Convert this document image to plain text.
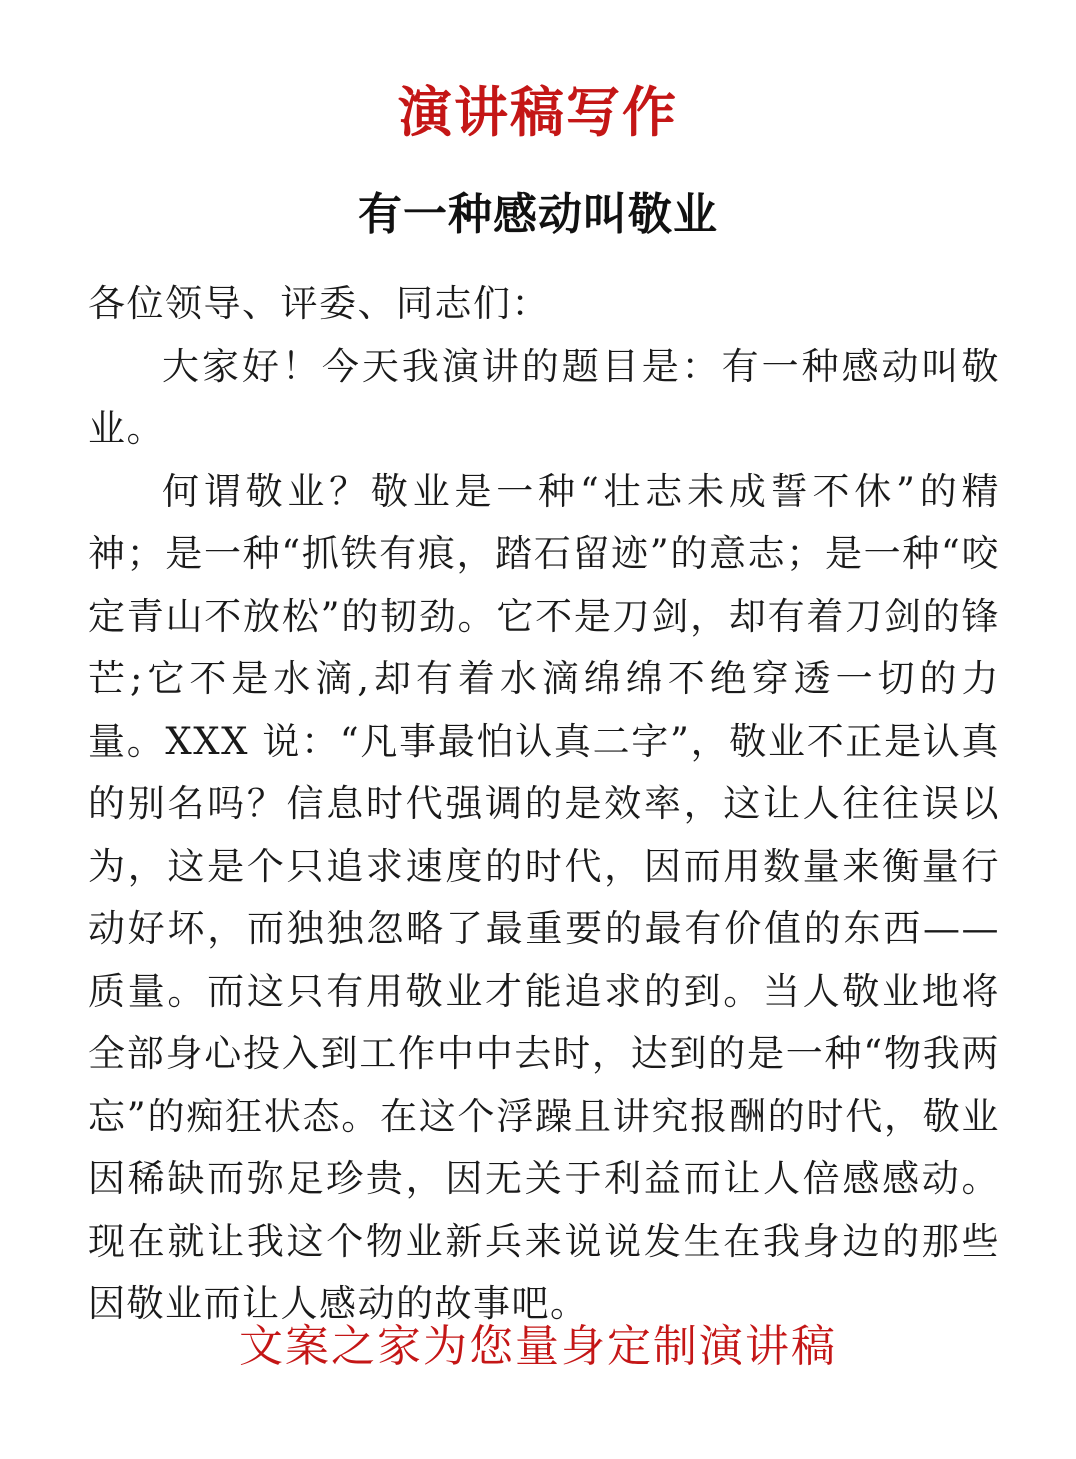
演讲稿写作
有一种感动叫敬业

各位领导、评委、同志们：

大家好！今天我演讲的题目是：有一种感动叫敬业。

何谓敬业？敬业是一种“壮志未成誓不休”的精神；是一种“抓铁有痕，踏石留迹”的意志；是一种“咬定青山不放松”的韧劲。它不是刀剑，却有着刀剑的锋芒;它不是水滴,却有着水滴绵绵不绝穿透一切的力量。XXX 说：“凡事最怕认真二字”，敬业不正是认真的别名吗？信息时代强调的是效率，这让人往往误以为，这是个只追求速度的时代，因而用数量来衡量行动好坏，而独独忽略了最重要的最有价值的东西——质量。而这只有用敬业才能追求的到。当人敬业地将全部身心投入到工作中中去时，达到的是一种“物我两忘”的痴狂状态。在这个浮躁且讲究报酬的时代，敬业因稀缺而弥足珍贵，因无关于利益而让人倍感感动。现在就让我这个物业新兵来说说发生在我身边的那些因敬业而让人感动的故事吧。

文案之家为您量身定制演讲稿
